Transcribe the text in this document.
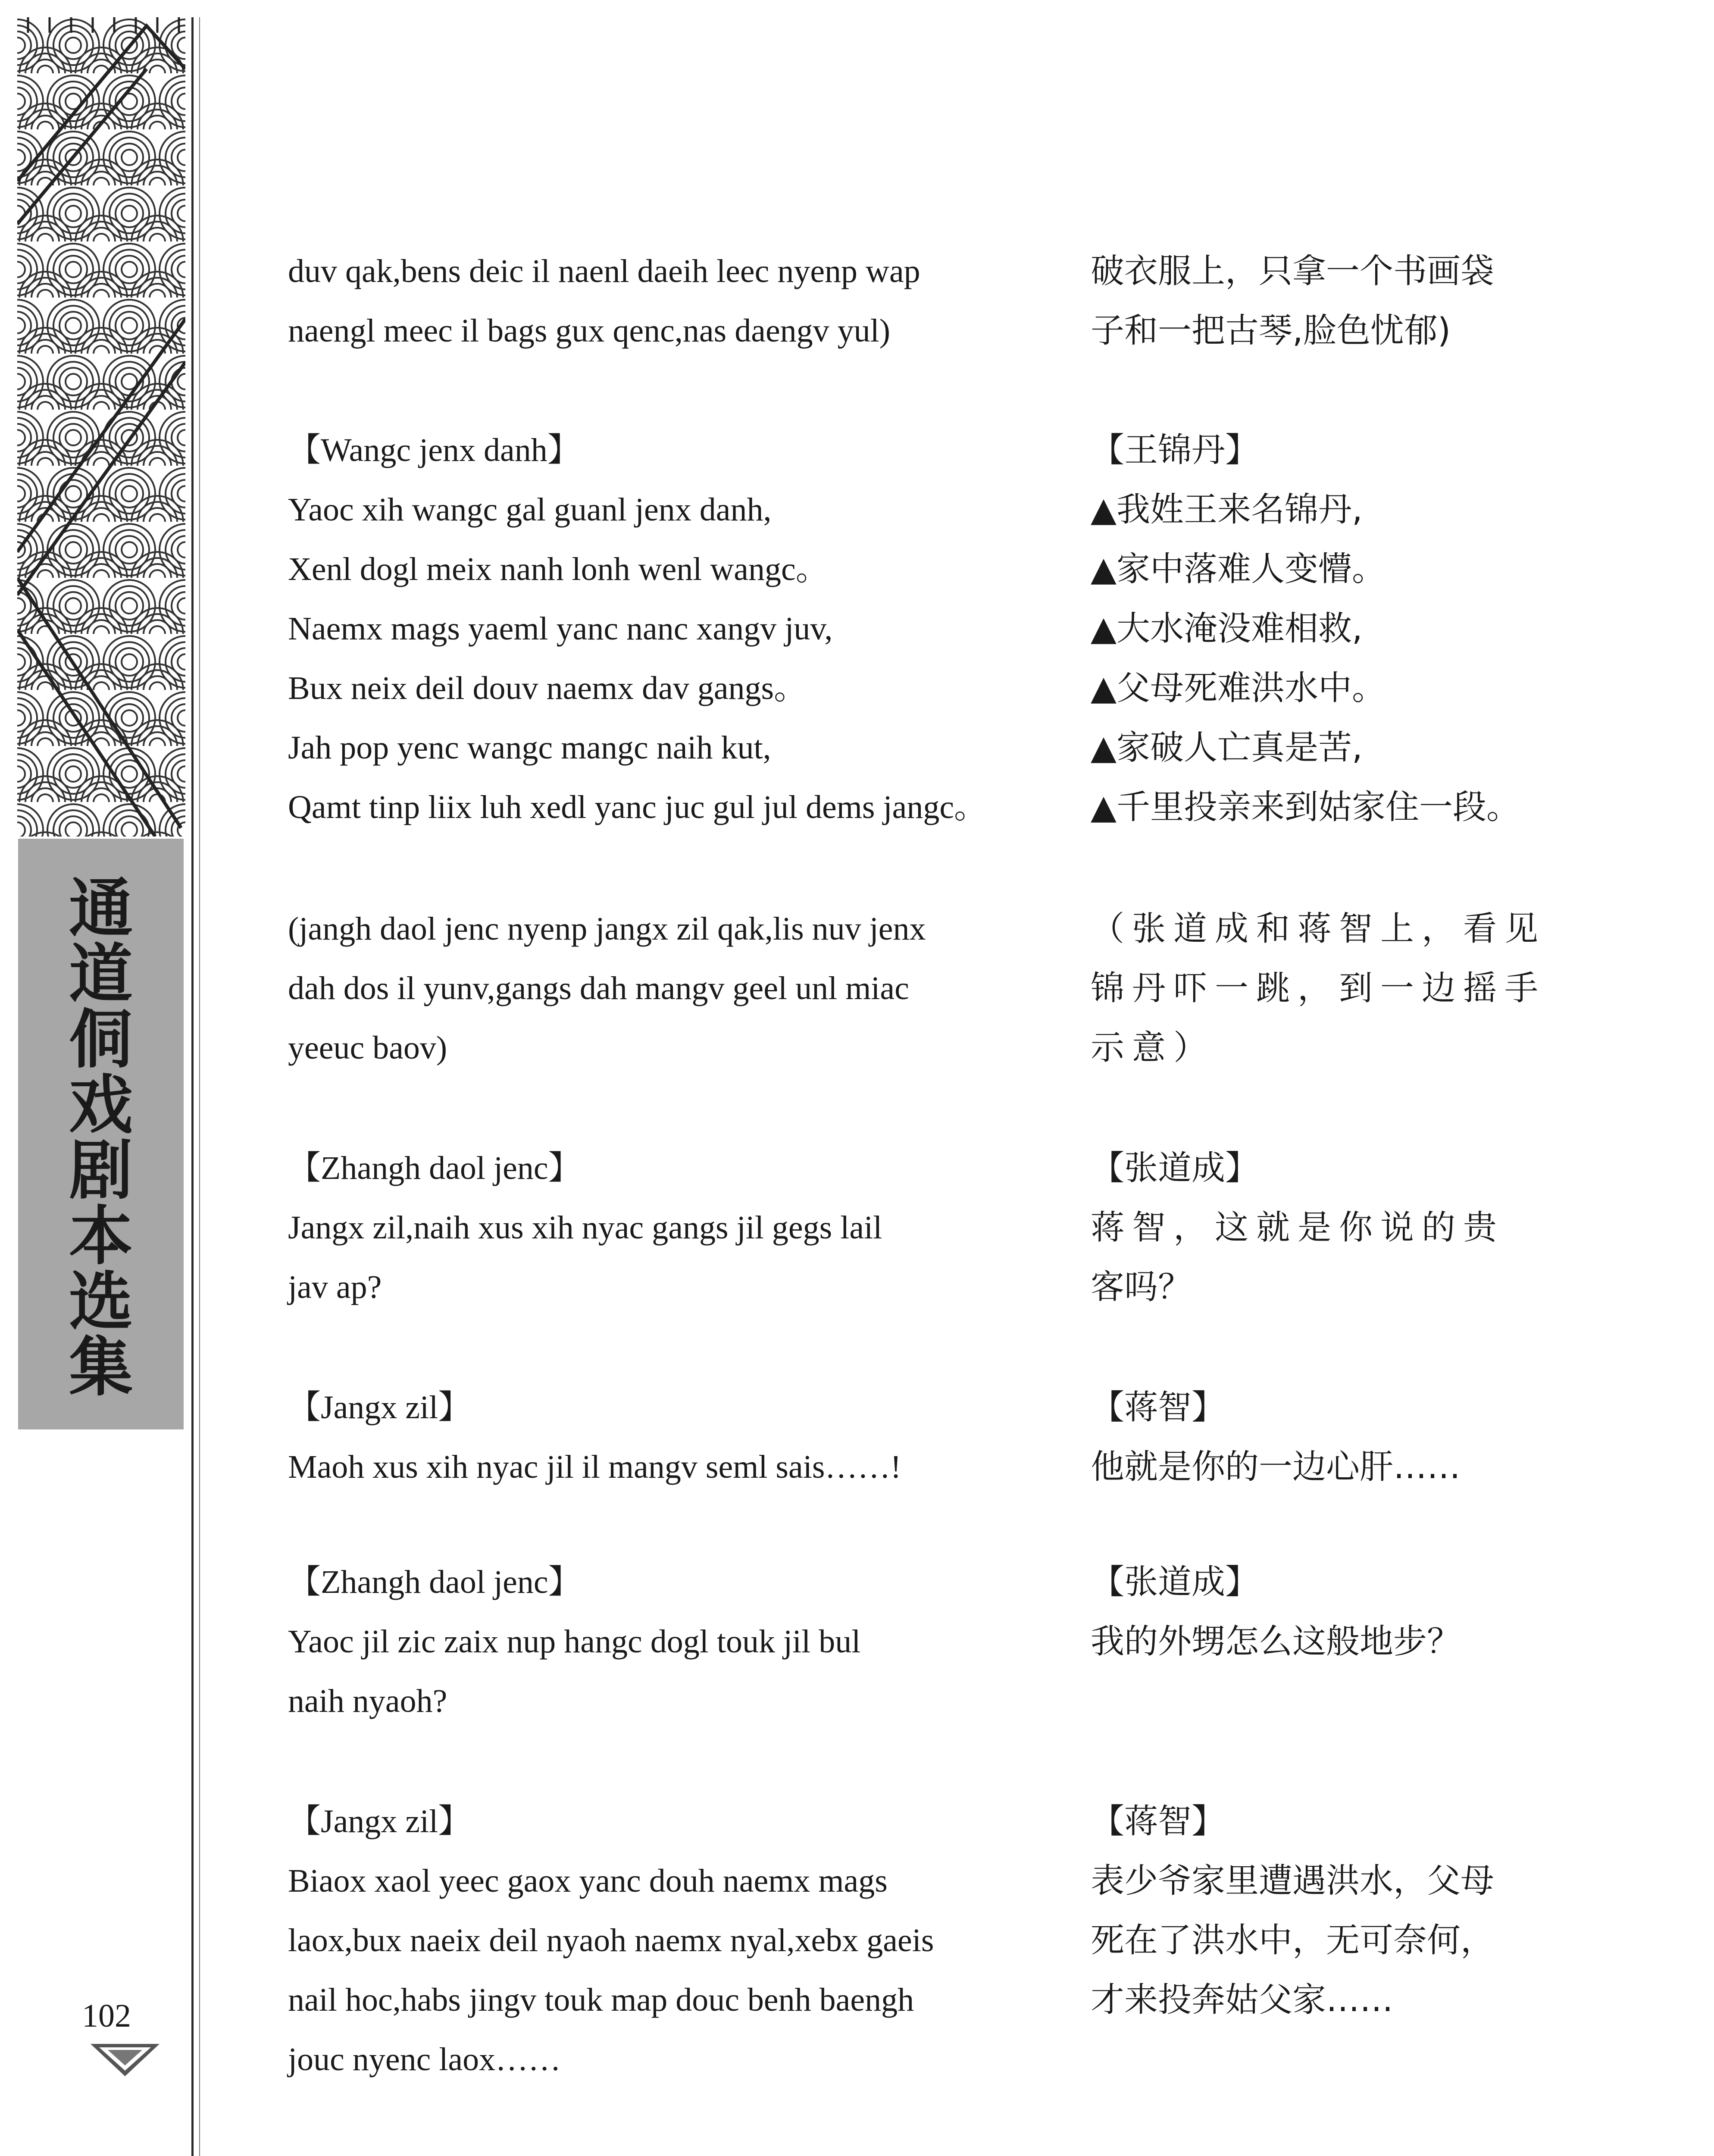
通
道
侗
戏
剧
本
选
集
102
duv qak,bens deic il naenl daeih leec nyenp wap
naengl meec il bags gux qenc,nas daengv yul)
破衣服上，只拿一个书画袋
子和一把古琴,脸色忧郁)
【Wangc jenx danh】
Yaoc xih wangc gal guanl jenx danh,
Xenl dogl meix nanh lonh wenl wangc。
Naemx mags yaeml yanc nanc xangv juv,
Bux neix deil douv naemx dav gangs。
Jah pop yenc wangc mangc naih kut,
Qamt tinp liix luh xedl yanc juc gul jul dems jangc。
【王锦丹】
▲我姓王来名锦丹,
▲家中落难人变懵。
▲大水淹没难相救,
▲父母死难洪水中。
▲家破人亡真是苦,
▲千里投亲来到姑家住一段。
(jangh daol jenc nyenp jangx zil qak,lis nuv jenx
dah dos il yunv,gangs dah mangv geel unl miac
yeeuc baov)
（张道成和蒋智上，看见
锦丹吓一跳，到一边摇手
示意）
【Zhangh daol jenc】
Jangx zil,naih xus xih nyac gangs jil gegs lail
jav ap?
【张道成】
蒋智，这就是你说的贵
客吗？
【Jangx zil】
Maoh xus xih nyac jil il mangv seml sais……!
【蒋智】
他就是你的一边心肝……
【Zhangh daol jenc】
Yaoc jil zic zaix nup hangc dogl touk jil bul
naih nyaoh?
【张道成】
我的外甥怎么这般地步？
【Jangx zil】
Biaox xaol yeec gaox yanc douh naemx mags
laox,bux naeix deil nyaoh naemx nyal,xebx gaeis
nail hoc,habs jingv touk map douc benh baengh
jouc nyenc laox……
【蒋智】
表少爷家里遭遇洪水，父母
死在了洪水中，无可奈何，
才来投奔姑父家……
